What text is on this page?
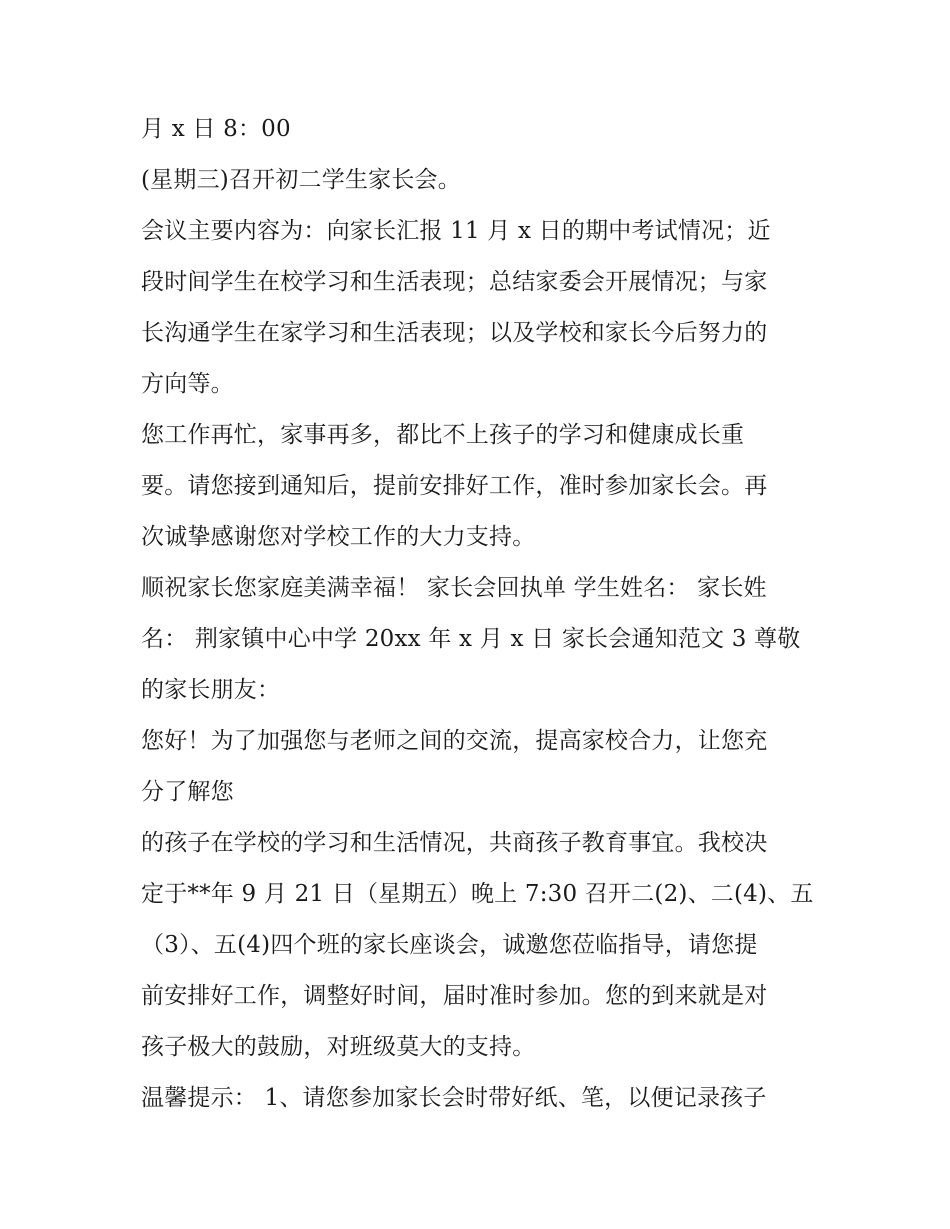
月 x 日 8：00
(星期三)召开初二学生家长会。
会议主要内容为：向家长汇报 11 月 x 日的期中考试情况；近
段时间学生在校学习和生活表现；总结家委会开展情况；与家
长沟通学生在家学习和生活表现；以及学校和家长今后努力的
方向等。
您工作再忙，家事再多，都比不上孩子的学习和健康成长重
要。请您接到通知后，提前安排好工作，准时参加家长会。再
次诚挚感谢您对学校工作的大力支持。
顺祝家长您家庭美满幸福！ 家长会回执单 学生姓名： 家长姓
名： 荆家镇中心中学 20xx 年 x 月 x 日 家长会通知范文 3 尊敬
的家长朋友：
您好！为了加强您与老师之间的交流，提高家校合力，让您充
分了解您
的孩子在学校的学习和生活情况，共商孩子教育事宜。我校决
定于**年 9 月 21 日（星期五）晚上 7:30 召开二(2)、二(4)、五
（3）、五(4)四个班的家长座谈会，诚邀您莅临指导，请您提
前安排好工作，调整好时间，届时准时参加。您的到来就是对
孩子极大的鼓励，对班级莫大的支持。
温馨提示： 1、请您参加家长会时带好纸、笔，以便记录孩子
